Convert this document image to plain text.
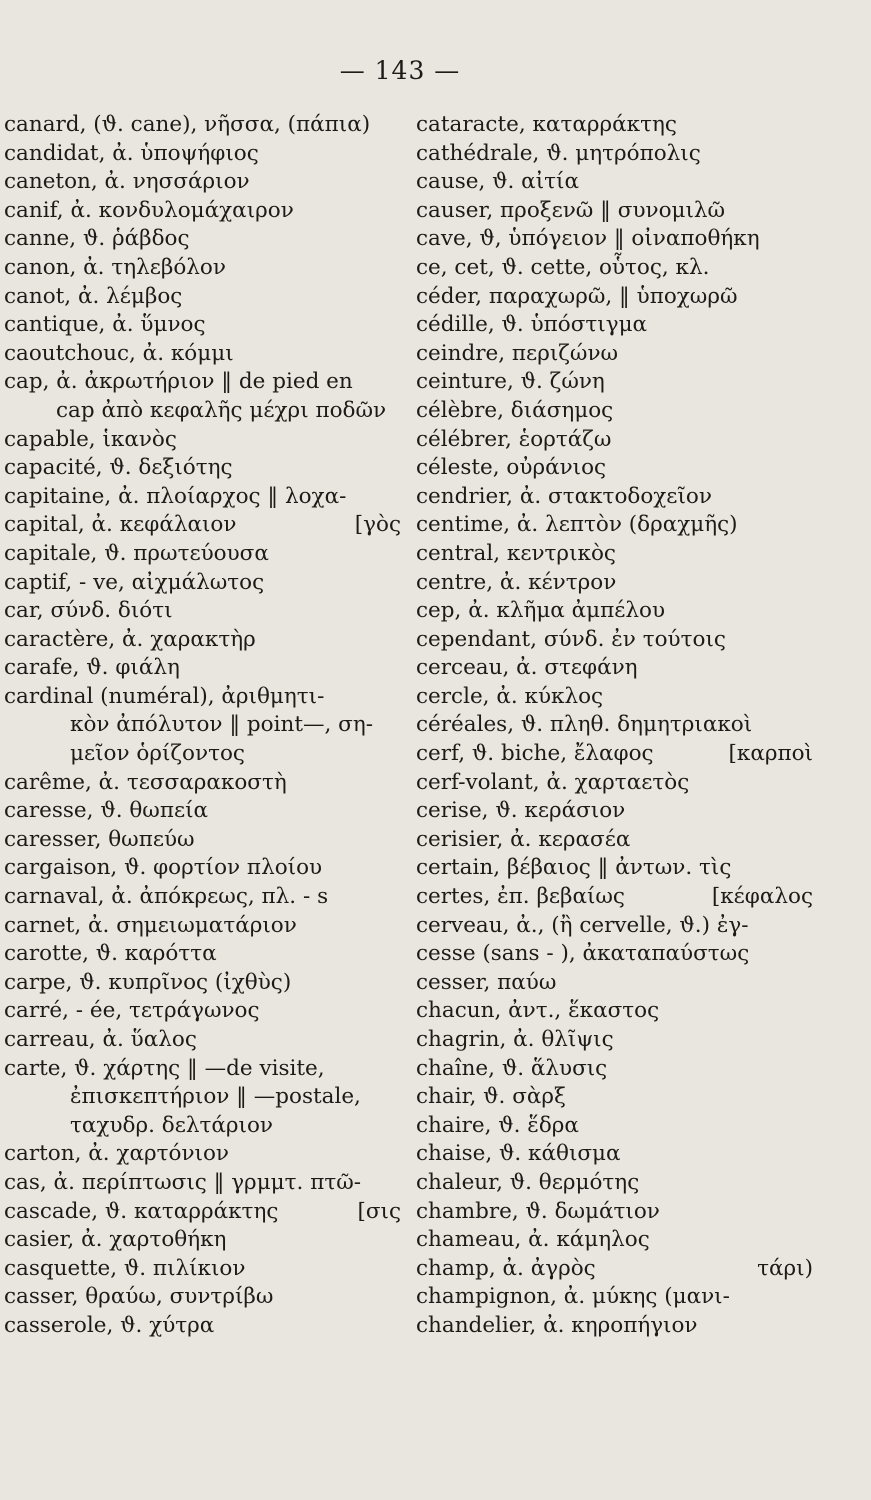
— 143 —
canard, (ϑ. cane), νῆσσα, (πάπια)
candidat, ἀ. ὑποψήφιος
caneton, ἀ. νησσάριον
canif, ἀ. κονδυλομάχαιρον
canne, ϑ. ῥάβδος
canon, ἀ. τηλεβόλον
canot, ἀ. λέμβος
cantique, ἀ. ὕμνος
caoutchouc, ἀ. κόμμι
cap, ἀ. ἀκρωτήριον ‖ de pied en
cap ἀπὸ κεφαλῆς μέχρι ποδῶν
capable, ἱκανὸς
capacité, ϑ. δεξιότης
capitaine, ἀ. πλοίαρχος ‖ λοχα-
capital, ἀ. κεφάλαιον	[γὸς
capitale, ϑ. πρωτεύουσα
captif, - ve, αἰχμάλωτος
car, σύνδ. διότι
caractère, ἀ. χαρακτὴρ
carafe, ϑ. φιάλη
cardinal (numéral), ἀριθμητι-
κὸν ἀπόλυτον ‖ point—, ση-
μεῖον ὁρίζοντος
carême, ἀ. τεσσαρακοστὴ
caresse, ϑ. θωπεία
caresser, θωπεύω
cargaison, ϑ. φορτίον πλοίου
carnaval, ἀ. ἀπόκρεως, πλ. - s
carnet, ἀ. σημειωματάριον
carotte, ϑ. καρόττα
carpe, ϑ. κυπρῖνος (ἰχθὺς)
carré, - ée, τετράγωνος
carreau, ἀ. ὕαλος
carte, ϑ. χάρτης ‖ —de visite,
ἐπισκεπτήριον ‖ —postale,
ταχυδρ. δελτάριον
carton, ἀ. χαρτόνιον
cas, ἀ. περίπτωσις ‖ γρμμτ. πτῶ-
cascade, ϑ. καταρράκτης	[σις
casier, ἀ. χαρτοθήκη
casquette, ϑ. πιλίκιον
casser, θραύω, συντρίβω
casserole, ϑ. χύτρα
cataracte, καταρράκτης
cathédrale, ϑ. μητρόπολις
cause, ϑ. αἰτία
causer, προξενῶ ‖ συνομιλῶ
cave, ϑ, ὑπόγειον ‖ οἰναποθήκη
ce, cet, ϑ. cette, οὗτος, κλ.
céder, παραχωρῶ, ‖ ὑποχωρῶ
cédille, ϑ. ὑπόστιγμα
ceindre, περιζώνω
ceinture, ϑ. ζώνη
célèbre, διάσημος
célébrer, ἑορτάζω
céleste, οὐράνιος
cendrier, ἀ. στακτοδοχεῖον
centime, ἀ. λεπτὸν (δραχμῆς)
central, κεντρικὸς
centre, ἀ. κέντρον
cep, ἀ. κλῆμα ἀμπέλου
cependant, σύνδ. ἐν τούτοις
cerceau, ἀ. στεφάνη
cercle, ἀ. κύκλος
céréales, ϑ. πληθ. δημητριακοὶ
cerf, ϑ. biche, ἔλαφος	[καρποὶ
cerf-volant, ἀ. χαρταετὸς
cerise, ϑ. κεράσιον
cerisier, ἀ. κερασέα
certain, βέβαιος ‖ ἀντων. τὶς
certes, ἐπ. βεβαίως	[κέφαλος
cerveau, ἀ., (ἢ cervelle, ϑ.) ἐγ-
cesse (sans - ), ἀκαταπαύστως
cesser, παύω
chacun, ἀντ., ἕκαστος
chagrin, ἀ. θλῖψις
chaîne, ϑ. ἅλυσις
chair, ϑ. σὰρξ
chaire, ϑ. ἕδρα
chaise, ϑ. κάθισμα
chaleur, ϑ. θερμότης
chambre, ϑ. δωμάτιον
chameau, ἀ. κάμηλος
champ, ἀ. ἀγρὸς	τάρι)
champignon, ἀ. μύκης (μανι-
chandelier, ἀ. κηροπήγιον
